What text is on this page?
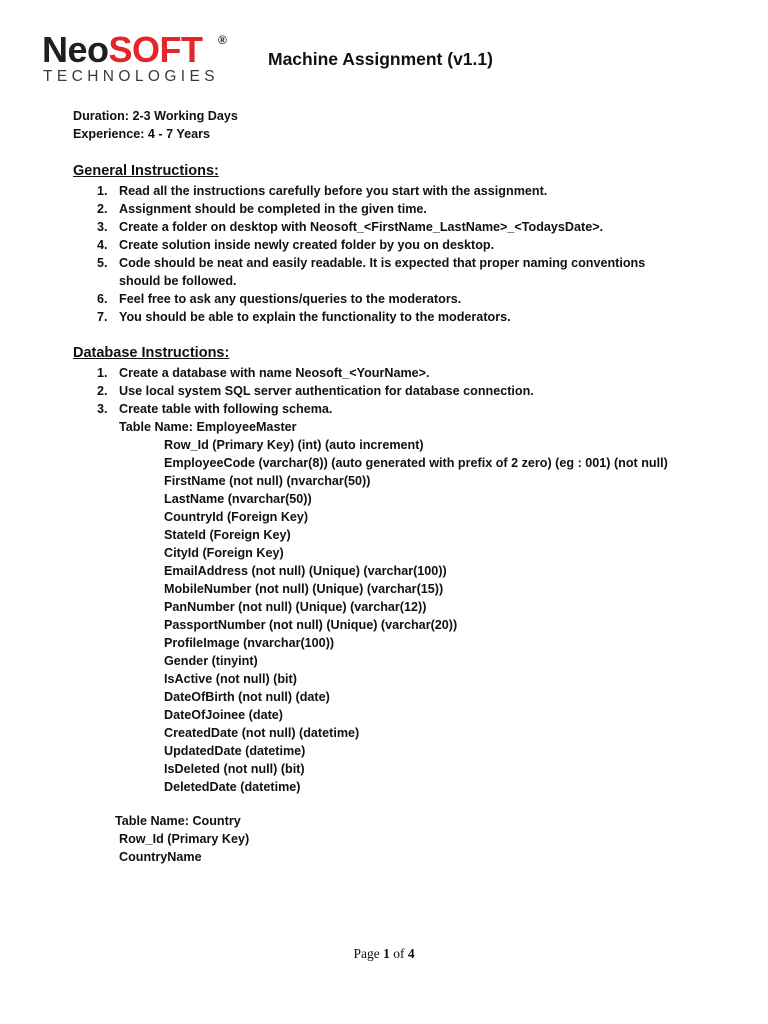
NeoSOFT ®
TECHNOLOGIES
Machine Assignment (v1.1)
Duration: 2-3 Working Days
Experience: 4 - 7 Years
General Instructions:
1. Read all the instructions carefully before you start with the assignment.
2. Assignment should be completed in the given time.
3. Create a folder on desktop with Neosoft_<FirstName_LastName>_<TodaysDate>.
4. Create solution inside newly created folder by you on desktop.
5. Code should be neat and easily readable. It is expected that proper naming conventions should be followed.
6. Feel free to ask any questions/queries to the moderators.
7. You should be able to explain the functionality to the moderators.
Database Instructions:
1. Create a database with name Neosoft_<YourName>.
2. Use local system SQL server authentication for database connection.
3. Create table with following schema.
Table Name: EmployeeMaster
Row_Id (Primary Key) (int) (auto increment)
EmployeeCode (varchar(8)) (auto generated with prefix of 2 zero) (eg : 001) (not null)
FirstName (not null) (nvarchar(50))
LastName (nvarchar(50))
CountryId (Foreign Key)
StateId (Foreign Key)
CityId (Foreign Key)
EmailAddress (not null) (Unique) (varchar(100))
MobileNumber (not null) (Unique) (varchar(15))
PanNumber (not null) (Unique) (varchar(12))
PassportNumber (not null) (Unique) (varchar(20))
ProfileImage (nvarchar(100))
Gender (tinyint)
IsActive (not null) (bit)
DateOfBirth (not null) (date)
DateOfJoinee (date)
CreatedDate (not null) (datetime)
UpdatedDate (datetime)
IsDeleted (not null) (bit)
DeletedDate (datetime)
Table Name: Country
Row_Id (Primary Key)
CountryName
Page 1 of 4
